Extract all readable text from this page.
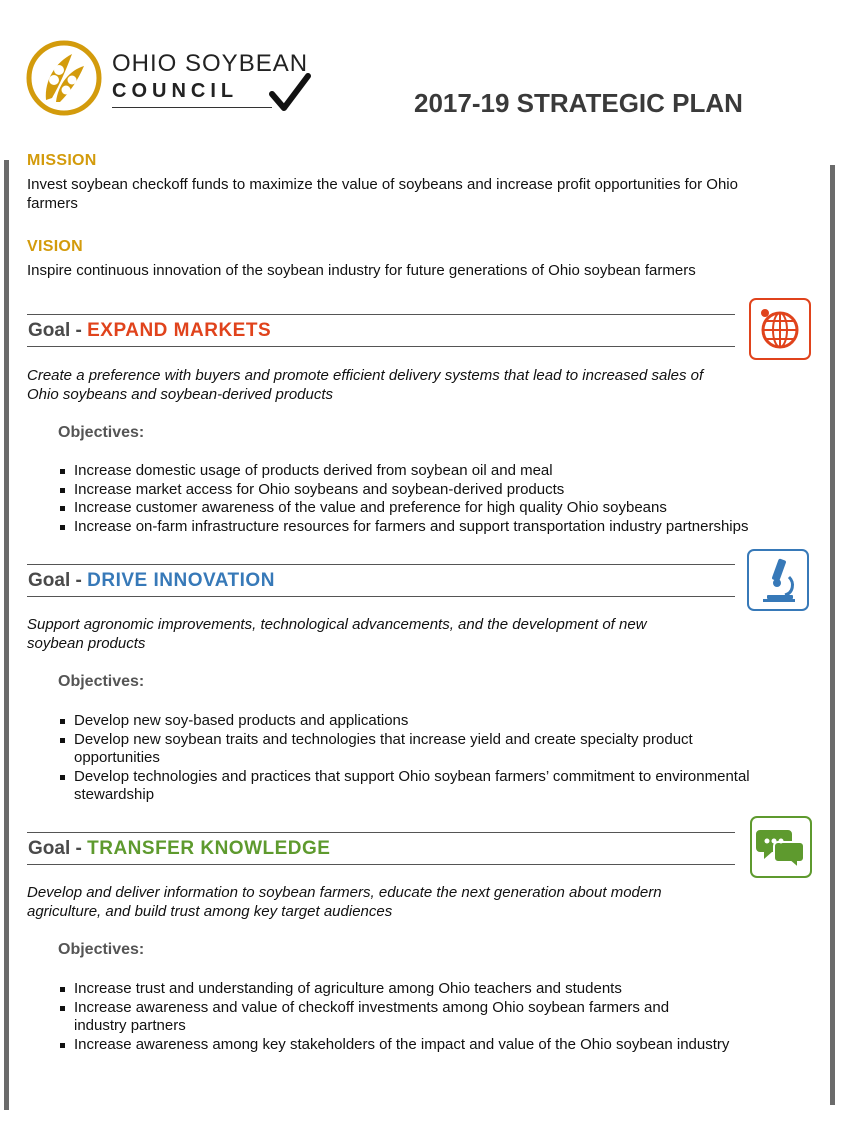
OHIO SOYBEAN
COUNCIL	2017-19 STRATEGIC PLAN
MISSION
Invest soybean checkoff funds to maximize the value of soybeans and increase profit opportunities for Ohio farmers
VISION
Inspire continuous innovation of the soybean industry for future generations of Ohio soybean farmers
Goal - EXPAND MARKETS
Create a preference with buyers and promote efficient delivery systems that lead to increased sales of Ohio soybeans and soybean-derived products
Objectives:
Increase domestic usage of products derived from soybean oil and meal
Increase market access for Ohio soybeans and soybean-derived products
Increase customer awareness of the value and preference for high quality Ohio soybeans
Increase on-farm infrastructure resources for farmers and support transportation industry partnerships
Goal - DRIVE INNOVATION
Support agronomic improvements, technological advancements, and the development of new soybean products
Objectives:
Develop new soy-based products and applications
Develop new soybean traits and technologies that increase yield and create specialty product opportunities
Develop technologies and practices that support Ohio soybean farmers’ commitment to environmental stewardship
Goal - TRANSFER KNOWLEDGE
Develop and deliver information to soybean farmers, educate the next generation about modern agriculture, and build trust among key target audiences
Objectives:
Increase trust and understanding of agriculture among Ohio teachers and students
Increase awareness and value of checkoff investments among Ohio soybean farmers and industry partners
Increase awareness among key stakeholders of the impact and value of the Ohio soybean industry
